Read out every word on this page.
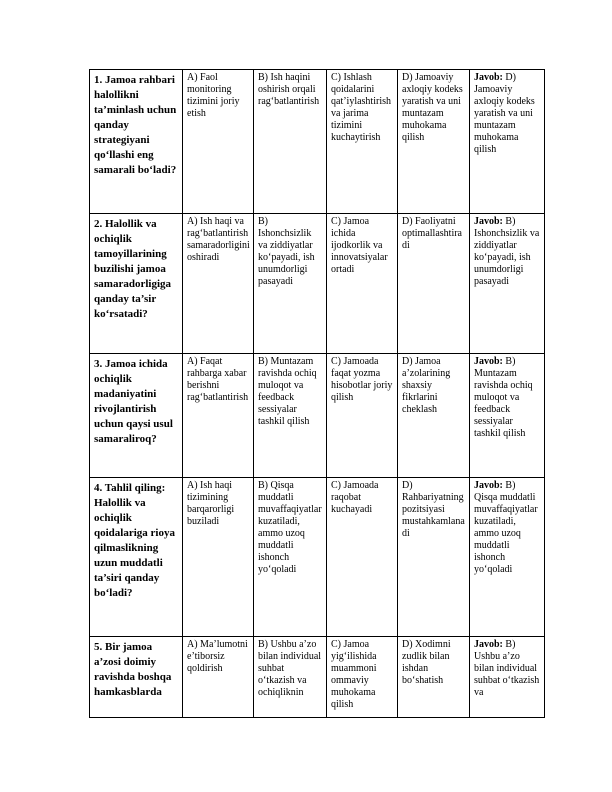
1. Jamoa rahbari halollikni ta’minlash uchun qanday strategiyani qo‘llashi eng samarali bo‘ladi?	A) Faol monitoring tizimini joriy etish	B) Ish haqini oshirish orqali rag‘batlantirish	C) Ishlash qoidalarini qat’iylashtirish va jarima tizimini kuchaytirish	D) Jamoaviy axloqiy kodeks yaratish va uni muntazam muhokama qilish	Javob: D) Jamoaviy axloqiy kodeks yaratish va uni muntazam muhokama qilish

2. Halollik va ochiqlik tamoyillarining buzilishi jamoa samaradorligiga qanday ta’sir ko‘rsatadi?	A) Ish haqi va rag‘batlantirish samaradorligini oshiradi	B) Ishonchsizlik va ziddiyatlar ko‘payadi, ish unumdorligi pasayadi	C) Jamoa ichida ijodkorlik va innovatsiyalar ortadi	D) Faoliyatni optimallashtiradi	Javob: B) Ishonchsizlik va ziddiyatlar ko‘payadi, ish unumdorligi pasayadi

3. Jamoa ichida ochiqlik madaniyatini rivojlantirish uchun qaysi usul samaraliroq?	A) Faqat rahbarga xabar berishni rag‘batlantirish	B) Muntazam ravishda ochiq muloqot va feedback sessiyalar tashkil qilish	C) Jamoada faqat yozma hisobotlar joriy qilish	D) Jamoa a’zolarining shaxsiy fikrlarini cheklash	Javob: B) Muntazam ravishda ochiq muloqot va feedback sessiyalar tashkil qilish

4. Tahlil qiling: Halollik va ochiqlik qoidalariga rioya qilmaslikning uzun muddatli ta’siri qanday bo‘ladi?	A) Ish haqi tizimining barqarorligi buziladi	B) Qisqa muddatli muvaffaqiyatlar kuzatiladi, ammo uzoq muddatli ishonch yo‘qoladi	C) Jamoada raqobat kuchayadi	D) Rahbariyatning pozitsiyasi mustahkamlanadi	Javob: B) Qisqa muddatli muvaffaqiyatlar kuzatiladi, ammo uzoq muddatli ishonch yo‘qoladi

5. Bir jamoa a’zosi doimiy ravishda boshqa hamkasblarda	A) Ma’lumotni e’tiborsiz qoldirish	B) Ushbu a’zo bilan individual suhbat o‘tkazish va ochiqliknin	C) Jamoa yig‘ilishida muammoni ommaviy muhokama qilish	D) Xodimni zudlik bilan ishdan bo‘shatish	Javob: B) Ushbu a’zo bilan individual suhbat o‘tkazish va
